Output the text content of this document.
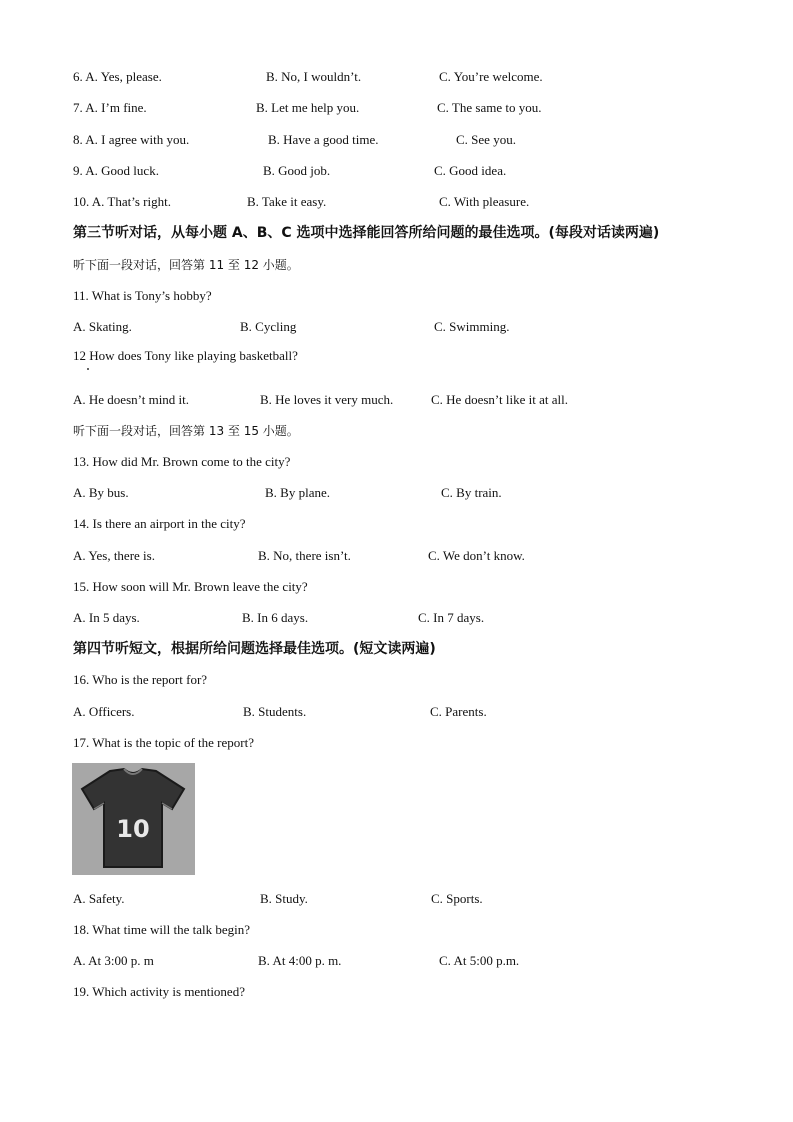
6. A. Yes, please.	B. No, I wouldn’t.	C. You’re welcome.
7. A. I’m fine.	B. Let me help you.	C. The same to you.
8. A. I agree with you.	B. Have a good time.	C. See you.
9. A. Good luck.	B. Good job.	C. Good idea.
10. A. That’s right.	B. Take it easy.	C. With pleasure.
第三节听对话，从每小题 A、B、C 选项中选择能回答所给问题的最佳选项。(每段对话读两遍)
听下面一段对话，回答第 11 至 12 小题。
11. What is Tony’s hobby?
A. Skating.	B. Cycling	C. Swimming.
12 How does Tony like playing basketball?
A. He doesn’t mind it.	B. He loves it very much.	C. He doesn’t like it at all.
听下面一段对话，回答第 13 至 15 小题。
13. How did Mr. Brown come to the city?
A. By bus.	B. By plane.	C. By train.
14. Is there an airport in the city?
A. Yes, there is.	B. No, there isn’t.	C. We don’t know.
15. How soon will Mr. Brown leave the city?
A. In 5 days.	B. In 6 days.	C. In 7 days.
第四节听短文，根据所给问题选择最佳选项。(短文读两遍)
16. Who is the report for?
A. Officers.	B. Students.	C. Parents.
17. What is the topic of the report?
10
A. Safety.	B. Study.	C. Sports.
18. What time will the talk begin?
A. At 3:00 p. m	B. At 4:00 p. m.	C. At 5:00 p.m.
19. Which activity is mentioned?
